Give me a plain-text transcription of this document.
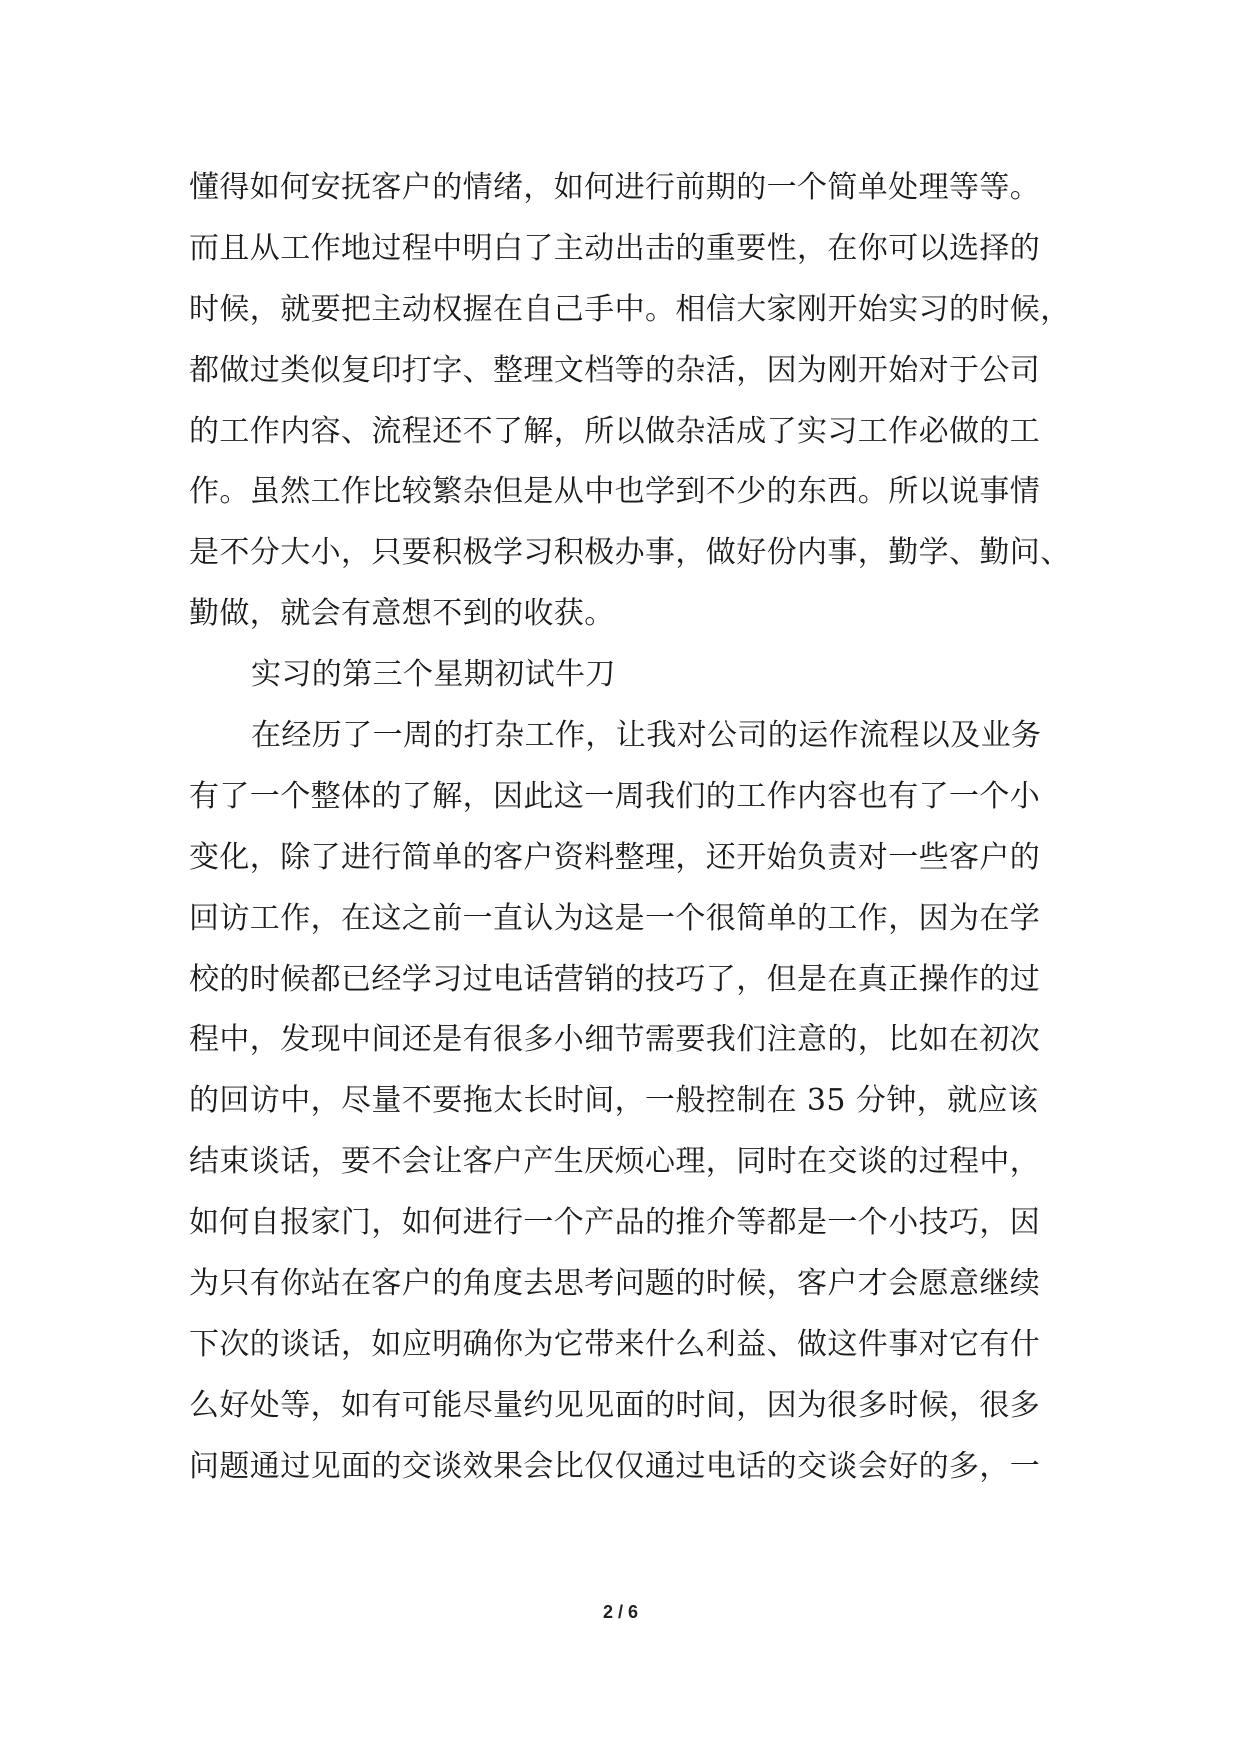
懂得如何安抚客户的情绪，如何进行前期的一个简单处理等等。
而且从工作地过程中明白了主动出击的重要性，在你可以选择的
时候，就要把主动权握在自己手中。相信大家刚开始实习的时候，
都做过类似复印打字、整理文档等的杂活，因为刚开始对于公司
的工作内容、流程还不了解，所以做杂活成了实习工作必做的工
作。虽然工作比较繁杂但是从中也学到不少的东西。所以说事情
是不分大小，只要积极学习积极办事，做好份内事，勤学、勤问、
勤做，就会有意想不到的收获。
实习的第三个星期初试牛刀
在经历了一周的打杂工作，让我对公司的运作流程以及业务
有了一个整体的了解，因此这一周我们的工作内容也有了一个小
变化，除了进行简单的客户资料整理，还开始负责对一些客户的
回访工作，在这之前一直认为这是一个很简单的工作，因为在学
校的时候都已经学习过电话营销的技巧了，但是在真正操作的过
程中，发现中间还是有很多小细节需要我们注意的，比如在初次
的回访中，尽量不要拖太长时间，一般控制在 35 分钟，就应该
结束谈话，要不会让客户产生厌烦心理，同时在交谈的过程中，
如何自报家门，如何进行一个产品的推介等都是一个小技巧，因
为只有你站在客户的角度去思考问题的时候，客户才会愿意继续
下次的谈话，如应明确你为它带来什么利益、做这件事对它有什
么好处等，如有可能尽量约见见面的时间，因为很多时候，很多
问题通过见面的交谈效果会比仅仅通过电话的交谈会好的多，一
2 / 6
